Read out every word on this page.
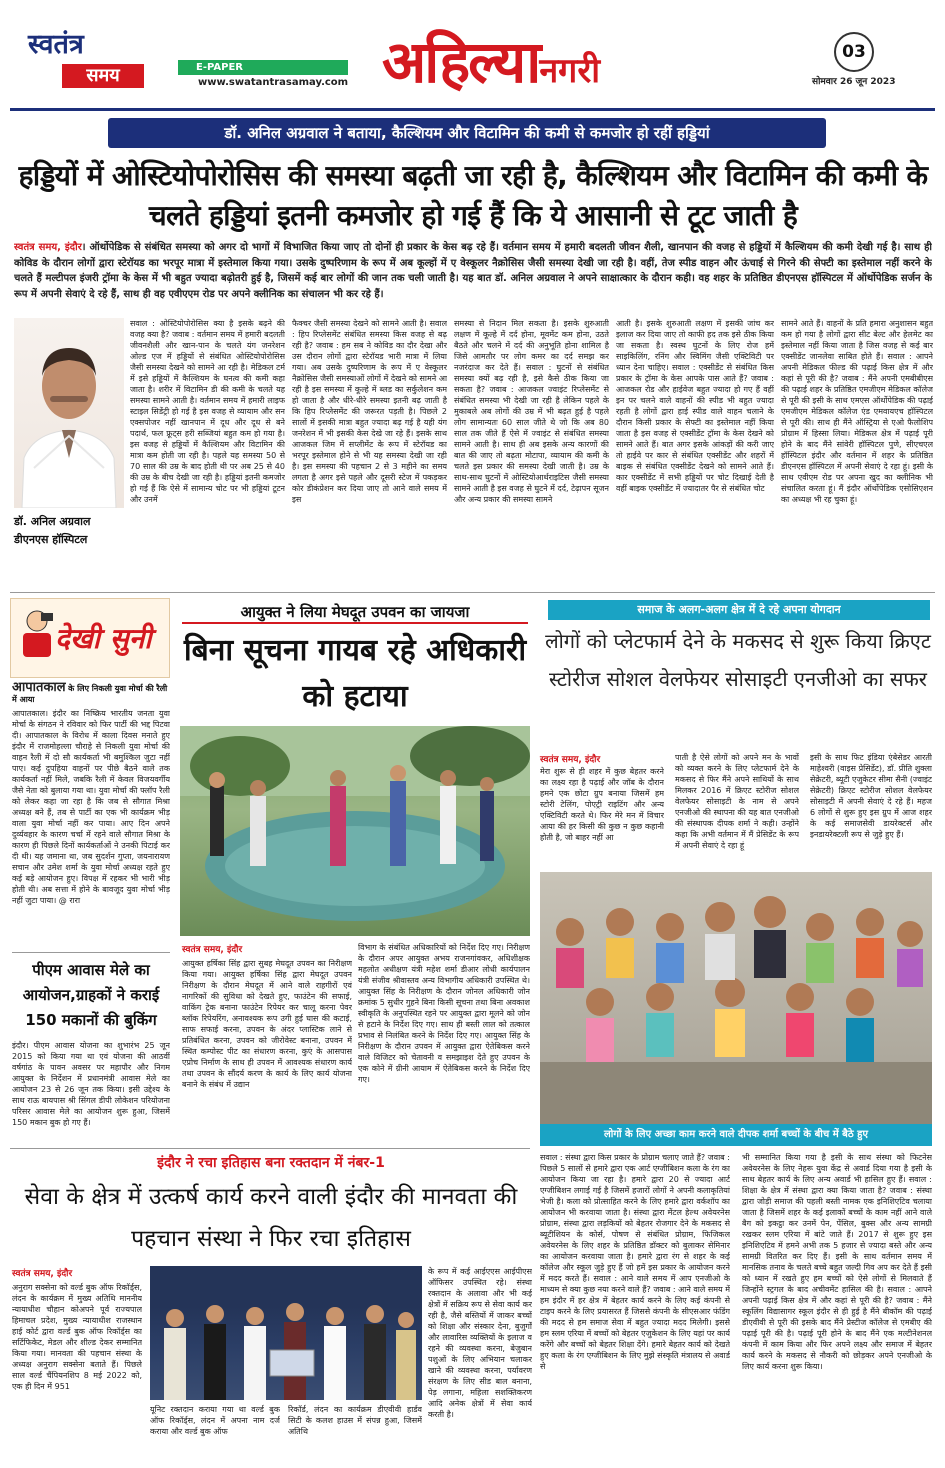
स्वतंत्र
समय	E-PAPER
www.swatantrasamay.com अहिल्यानगरी	03
सोमवार 26 जून 2023
डॉ. अनिल अग्रवाल ने बताया, कैल्शियम और विटामिन की कमी से कमजोर हो रहीं हड्डियां
हड्डियों में ओस्टियोपोरोसिस की समस्या बढ़ती जा रही है, कैल्शियम और विटामिन की कमी के चलते हड्डियां इतनी कमजोर हो गई हैं कि ये आसानी से टूट जाती है
स्वतंत्र समय, इंदौर। ऑर्थोपेडिक से संबंधित समस्या को अगर दो भागों में विभाजित किया जाए तो दोनों ही प्रकार के केस बढ़ रहे हैं। वर्तमान समय में हमारी बदलती जीवन शैली, खानपान की वजह से हड्डियों में कैल्शियम की कमी देखी गई है। साथ ही कोविड के दौरान लोगों द्वारा स्टेरॉयड का भरपूर मात्रा में इस्तेमाल किया गया। उसके दुष्परिणाम के रूप में अब कूल्हों में ए वेस्कूलर नैक्रोसिस जैसी समस्या देखी जा रही है। वहीं, तेज स्पीड वाहन और ऊंचाई से गिरने की सेफ्टी का इस्तेमाल नहीं करने के चलते हैं मल्टीपल इंजरी ट्रॉमा के केस में भी बहुत ज्यादा बढ़ोतरी हुई है, जिसमें कई बार लोगों की जान तक चली जाती है। यह बात डॉ. अनिल अग्रवाल ने अपने साक्षात्कार के दौरान कही। वह शहर के प्रतिष्ठित डीएनएस हॉस्पिटल में ऑर्थोपेडिक सर्जन के रूप में अपनी सेवाएं दे रहे हैं, साथ ही वह एवीएएम रोड पर अपने क्लीनिक का संचालन भी कर रहे हैं।
डॉ. अनिल अग्रवाल
डीएनएस हॉस्पिटल
सवाल : ओस्टियोपोरोसिस क्या है इसके बढ़ने की वजह क्या है? जवाब : वर्तमान समय में हमारी बदलती जीवनशैली और खान-पान के चलते यंग जनरेशन ओल्ड एज में हड्डियों से संबंधित ओस्टियोपोरोसिस जैसी समस्या देखने को सामने आ रही है। मेडिकल टर्म में इसे हड्डियों में कैल्शियम के घनत्व की कमी कहा जाता है। शरीर में विटामिन डी की कमी के चलते यह समस्या सामने आती है। वर्तमान समय में हमारी लाइफ स्टाइल सिडेंट्री हो गई है इस वजह से व्यायाम और सन एक्सपोजर नहीं खानपान में दूध और दूध से बने पदार्थ, फल फ्रूट्स हरी सब्जियां बहुत कम हो गया है। इस वजह से हड्डियों में कैल्शियम और विटामिन की मात्रा कम होती जा रही है। पहले यह समस्या 50 से 70 साल की उम्र के बाद होती थी पर अब 25 से 40 की उम्र के बीच देखी जा रही है। हड्डियां इतनी कमजोर हो गई हैं कि ऐसे में सामान्य चोट पर भी हड्डियां टूटन और उनमें
फैक्चर जैसी समस्या देखने को सामने आती है। सवाल : हिप रिप्लेसमेंट संबंधित समस्या किस वजह से बढ़ रही है? जवाब : हम सब ने कोविड का दौर देखा और उस दौरान लोगों द्वारा स्टेरॉयड भारी मात्रा में लिया गया। अब उसके दुष्परिणाम के रूप में ए वेस्कूलर नैक्रोसिस जैसी समस्याओं लोगों में देखने को सामने आ रही है इस समस्या में कूल्हे में ब्लड का सर्कुलेशन कम हो जाता है और धीरे-धीरे समस्या इतनी बढ़ जाती है कि हिप रिप्लेसमेंट की जरूरत पड़ती है। पिछले 2 सालों में इसकी मात्रा बहुत ज्यादा बढ़ गई है यही यंग जनरेशन में भी इसकी केस देखे जा रहे हैं। इसके साथ आजकल जिम में सप्लीमेंट के रूप में स्टेरॉयड का भरपूर इस्तेमाल होने से भी यह समस्या देखी जा रही है। इस समस्या की पहचान 2 से 3 महीने का समय लगता है अगर इसे पहले और दूसरी स्टेज में पकड़कर कोर डीकंप्रेशन कर दिया जाए तो आने वाले समय में इस
समस्या से निदान मिल सकता है। इसके शुरुआती लक्षण में कूल्हे में दर्द होना, मूवमेंट कम होना, उठते बैठते और चलने में दर्द की अनुभूति होना शामिल है जिसे आमतौर पर लोग कमर का दर्द समझ कर नजरंदाज कर देते हैं। सवाल : घुटनों से संबंधित समस्या क्यों बढ़ रही है, इसे कैसे ठीक किया जा सकता है? जवाब : आजकल ज्वाइंट रिप्लेसमेंट से संबंधित समस्या भी देखी जा रही है लेकिन पहले के मुकाबले अब लोगों की उम्र में भी बढ़त हुई है पहले लोग सामान्यतः 60 साल जीते थे जो कि अब 80 साल तक जीते हैं ऐसे में ज्वाइंट से संबंधित समस्या सामने आती है। साथ ही अब इसके अन्य कारणों की बात की जाए तो बढ़ता मोटापा, व्यायाम की कमी के चलते इस प्रकार की समस्या देखी जाती है। उम्र के साथ-साथ घुटनों में ओस्टियोआर्थराइटिस जैसी समस्या सामने आती है इस वजह से घुटने में दर्द, टेढ़ापन सूजन और अन्य प्रकार की समस्या सामने
आती है। इसके शुरुआती लक्षण में इसकी जांच कर इलाज कर दिया जाए तो काफी हद तक इसे ठीक किया जा सकता है। स्वस्थ घुटनों के लिए रोज हमें साइकिलिंग, रनिंग और स्विमिंग जैसी एक्टिविटी पर ध्यान देना चाहिए। सवाल : एक्सीडेंट से संबंधित किस प्रकार के ट्रॉमा के केस आपके पास आते हैं? जवाब : आजकल रोड और हाईवेज बहुत ज्यादा हो गए हैं वहीं इन पर चलने वाले वाहनों की स्पीड भी बहुत ज्यादा रहती है लोगों द्वारा हाई स्पीड वाले वाहन चलाने के दौरान किसी प्रकार के सेफ्टी का इस्तेमाल नहीं किया जाता है इस वजह से एक्सीडेंट ट्रॉमा के केस देखने को सामने आते हैं। बात अगर इसके आंकड़ों की करी जाए तो हाईवे पर कार से संबंधित एक्सीडेंट और शहरों में बाइक से संबंधित एक्सीडेंट देखने को सामने आते हैं। कार एक्सीडेंट में सभी हड्डियों पर चोट दिखाई देती है वहीं बाइक एक्सीडेंट में ज्यादातर पैर से संबंधित चोट
सामने आते हैं। वाहनों के प्रति हमारा अनुशासन बहुत कम हो गया है लोगों द्वारा सीट बेल्ट और हेलमेट का इस्तेमाल नहीं किया जाता है जिस वजह से कई बार एक्सीडेंट जानलेवा साबित होते हैं। सवाल : आपने अपनी मेडिकल फील्ड की पढ़ाई किस क्षेत्र में और कहां से पूरी की है? जवाब : मैंने अपनी एमबीबीएस की पढ़ाई शहर के प्रतिष्ठित एमजीएम मेडिकल कॉलेज से पूरी की इसी के साथ एमएस ऑर्थोपेडिक की पढ़ाई एमजीएम मेडिकल कॉलेज एंड एमवायएच हॉस्पिटल से पूरी की। साथ ही मैंने ऑस्ट्रिया से एओ फैलोशिप प्रोग्राम में हिस्सा लिया। मेडिकल क्षेत्र में पढ़ाई पूरी होने के बाद मैंने सांवेरी हॉस्पिटल पुणे, सीएचएल हॉस्पिटल इंदौर और वर्तमान में शहर के प्रतिष्ठित डीएनएस हॉस्पिटल में अपनी सेवाएं दे रहा हूं। इसी के साथ एवीएम रोड पर अपना खुद का क्लीनिक भी संचालित करता हूं। मैं इंदौर ऑर्थोपेडिक एसोसिएशन का अध्यक्ष भी रह चुका हूं।
देखी सुनी
आपातकाल के लिए निकली युवा मोर्चा की रैली में आया
आपातकाल। इंदौर का निष्क्रिय भारतीय जनता युवा मोर्चा के संगठन ने रविवार को फिर पार्टी की भद्द पिटवा दी। आपातकाल के विरोध में काला दिवस मनाते हुए इंदौर में राजमोहल्ला चौराहे से निकली युवा मोर्चा की वाहन रैली में दो सौ कार्यकर्ता भी बमुश्किल जुटा नहीं पाए। कई दुपहिया वाहनों पर पीछे बैठने वाले तक कार्यकर्ता नहीं मिले, जबकि रैली में केवल विजयवर्गीय जैसे नेता को बुलाया गया था। युवा मोर्चा की फ्लॉप रैली को लेकर कहा जा रहा है कि जब से सौगात मिश्रा अध्यक्ष बने हैं, तब से पार्टी का एक भी कार्यक्रम भीड़ वाला युवा मोर्चा नहीं कर पाया। आए दिन अपने दुर्व्यवहार के कारण चर्चा में रहने वाले सौगात मिश्रा के कारण ही पिछले दिनों कार्यकर्ताओं ने उनकी पिटाई कर दी थी। यह जमाना था, जब सुदर्शन गुप्ता, जयनारायण सचान और उमेश शर्मा के युवा मोर्चा अध्यक्ष रहते हुए कई बड़े आयोजन हुए। विपक्ष में रहकर भी भारी भीड़ होती थी। अब सत्ता में होने के बावजूद युवा मोर्चा भीड़ नहीं जुटा पाया। @ रारा
पीएम आवास मेले का आयोजन,ग्राहकों ने कराई 150 मकानों की बुकिंग
इंदौर। पीएम आवास योजना का शुभारंभ 25 जून 2015 को किया गया था एवं योजना की आठवीं वर्षगांठ के पावन अवसर पर महापौर और निगम आयुक्त के निर्देशन में प्रधानमंत्री आवास मेले का आयोजन 23 से 26 जून तक किया। इसी उद्देश्य के साथ राऊ बायपास श्री सिंगल डीपी लोकेशन परियोजना परिसर आवास मेले का आयोजन शुरू हुआ, जिसमें 150 मकान बुक हो गए हैं।
आयुक्त ने लिया मेघदूत उपवन का जायजा
बिना सूचना गायब रहे अधिकारी को हटाया
स्वतंत्र समय, इंदौर
आयुक्त हर्षिका सिंह द्वारा सुबह मेघदूत उपवन का निरीक्षण किया गया। आयुक्त हर्षिका सिंह द्वारा मेघदूत उपवन निरीक्षण के दौरान मेघदूत में आने वाले राहगीरों एवं नागरिकों की सुविधा को देखते हुए, फाउंटेन की सफाई, वाकिंग ट्रेक बनाना फाउंटेन रिपेयर कर चालू करना पेवर ब्लॉक रिपेयरिंग, अनावश्यक रूप उगी हुई घास की कटाई, साफ सफाई करना, उपवन के अंदर प्लास्टिक लाने से प्रतिबंधित करना, उपवन को जीरोवेस्ट बनाना, उपवन में स्थित कम्पोस्ट पीट का संधारण करना, कुएं के आसपास एप्रोच निर्माण के साथ ही उपवन में आवश्यक संधारण कार्य तथा उपवन के सौंदर्य करण के कार्य के लिए कार्य योजना बनाने के संबंध में उद्यान
विभाग के संबंधित अधिकारियों को निर्देश दिए गए। निरीक्षण के दौरान अपर आयुक्त अभय राजनगांवकर, अधिशीक्षक महलोत अधीक्षण यंत्री महेश शर्मा डीआर लोधी कार्यपालन यंत्री संजीव श्रीवास्तव अन्य विभागीय अधिकारी उपस्थित थे। आयुक्त सिंह के निरीक्षण के दौरान जोनल अधिकारी जोन क्रमांक 5 सुधीर गुहने बिना किसी सूचना तथा बिना अवकाश स्वीकृति के अनुपस्थित रहने पर आयुक्त द्वारा मूलने को जोन से हटाने के निर्देश दिए गए। साथ ही बस्ती लाल को तत्काल प्रभाव से निलंबित करने के निर्देश दिए गए। आयुक्त सिंह के निरीक्षण के दौरान उपवन में आयुक्त द्वारा ऐतेबिकस करने वाले विजिटर को चेतावनी व समझाइश देते हुए उपवन के एक कोने में ग्रीनी आयाम में ऐतेबिकस करने के निर्देश दिए गए।
समाज के अलग-अलग क्षेत्र में दे रहे अपना योगदान
लोगों को प्लेटफार्म देने के मकसद से शुरू किया क्रिएट स्टोरीज सोशल वेलफेयर सोसाइटी एनजीओ का सफर
स्वतंत्र समय, इंदौर
मेरा शुरू से ही शहर में कुछ बेहतर करने का लक्ष्य रहा है पढ़ाई और जॉब के दौरान हमने एक छोटा ग्रुप बनाया जिसमें हम स्टोरी टेलिंग, पोएट्री राइटिंग और अन्य एक्टिविटी करते थे। फिर मेरे मन में विचार आया की हर किसी की कुछ न कुछ कहानी होती है, जो बाहर नहीं आ
पाती है ऐसे लोगों को अपने मन के भावों को व्यक्त करने के लिए प्लेटफार्म देने के मकसद से फिर मैंने अपने साथियों के साथ मिलकर 2016 में क्रिएट स्टोरीज सोशल वेलफेयर सोसाइटी के नाम से अपने एनजीओ की स्थापना की यह बात एनजीओ की संस्थापक दीपक शर्मा ने कही। उन्होंने कहा कि अभी वर्तमान में मैं प्रेसिडेंट के रूप में अपनी सेवाएं दे रहा हूं
इसी के साथ फिट इंडिया एंबेसेडर आरती माहेश्वरी (वाइस प्रेसिडेंट), डॉ. प्रीति शुक्ला सेक्रेटरी, ब्यूटी एजुकेटर सीमा सैनी (ज्वाइंट सेक्रेटरी) क्रिएट स्टोरीज सोशल वेलफेयर सोसाइटी में अपनी सेवाएं दे रहे हैं। महज 6 लोगों से शुरू हुए इस ग्रुप में आज शहर के कई समाजसेवी डायरेक्टर्स और इनडायरेक्टली रूप से जुड़े हुए हैं।
लोगों के लिए अच्छा काम करने वाले दीपक शर्मा बच्चों के बीच में बैठे हुए
सवाल : संस्था द्वारा किस प्रकार के प्रोग्राम चलाए जाते हैं? जवाब : पिछले 5 सालों से हमारे द्वारा एक आर्ट एग्जीबिशन कला के रंग का आयोजन किया जा रहा है। हमारे द्वारा 20 से ज्यादा आर्ट एग्जीबिशन लगाई गई है जिसमें हजारों लोगों ने अपनी कलाकृतियां भेजी है। कला को प्रोत्साहित करने के लिए हमारे द्वारा वर्कशॉप का आयोजन भी करवाया जाता है। संस्था द्वारा मेंटल हेल्थ अवेयरनेस प्रोग्राम, संस्था द्वारा लड़कियों को बेहतर रोजगार देने के मकसद से ब्यूटीशियन के कोर्स, पोषण से संबंधित प्रोग्राम, फिजिकल अवेयरनेस के लिए शहर के प्रतिष्ठित डॉक्टर को बुलाकर सेमिनार का आयोजन करवाया जाता है। हमारे द्वारा रंग से शहर के कई कॉलेज और स्कूल जुड़े हुए हैं जो हमें इस प्रकार के आयोजन करने में मदद करते हैं। सवाल : आने वाले समय में आप एनजीओ के माध्यम से क्या कुछ नया करने वाले हैं? जवाब : आने वाले समय में हम इंदौर में हर क्षेत्र में बेहतर कार्य करने के लिए कई कंपनी से टाइप करने के लिए प्रयासरत हैं जिससे कंपनी के सीएसआर फंडिंग की मदद से हम समाज सेवा में बहुत ज्यादा मदद मिलेगी। इससे हम स्लम एरिया में बच्चों को बेहतर एजुकेशन के लिए यहां पर कार्य करेंगे और बच्चों को बेहतर शिक्षा देंगे। हमारे बेहतर कार्य को देखते हुए कला के रंग एग्जीबिशन के लिए मुझे संस्कृति मंत्रालय से अवार्ड से
भी सम्मानित किया गया है इसी के साथ संस्था को फिटनेस अवेयरनेस के लिए नेहरू युवा केंद्र से अवार्ड दिया गया है इसी के साथ बेहतर कार्य के लिए अन्य अवार्ड भी हासिल हुए हैं। सवाल : शिक्षा के क्षेत्र में संस्था द्वारा क्या किया जाता है? जवाब : संस्था द्वारा जोड़ी समाज की पहली बस्ती नामक एक इनिशिएटिव चलाया जाता है जिसमें शहर के कई इलाकों बच्चों के काम नहीं आने वाले बैग को इकट्ठा कर उनमें पेन, पेंसिल, बुक्स और अन्य सामग्री रखकर स्लम एरिया में बांटे जाते हैं। 2017 से शुरू हुए इस इनिशिएटिव में हमने अभी तक 5 हजार से ज्यादा बस्ते और अन्य सामग्री वितरित कर दिए हैं। इसी के साथ वर्तमान समय में मानसिक तनाव के चलते बच्चे बहुत जल्दी गिव अप कर देते हैं इसी को ध्यान में रखते हुए हम बच्चों को ऐसे लोगों से मिलवाते हैं जिन्होंने स्ट्रगल के बाद अचीवमेंट हासिल की है। सवाल : आपने अपनी पढ़ाई किस क्षेत्र में और कहां से पूरी की है? जवाब : मैंने स्कूलिंग विद्यासागर स्कूल इंदौर से ही हुई है मैंने बीकॉम की पढ़ाई डीएवीवी से पूरी की इसके बाद मैंने प्रेस्टीज कॉलेज से एमबीए की पढ़ाई पूरी की है। पढ़ाई पूरी होने के बाद मैंने एक मल्टीनेशनल कंपनी में काम किया और फिर अपने लक्ष्य और समाज में बेहतर कार्य करने के मकसद से नौकरी को छोड़कर अपने एनजीओ के लिए कार्य करना शुरू किया।
इंदौर ने रचा इतिहास बना रक्तदान में नंबर-1
सेवा के क्षेत्र में उत्कर्ष कार्य करने वाली इंदौर की मानवता की पहचान संस्था ने फिर रचा इतिहास
स्वतंत्र समय, इंदौर
अनुराग सक्सेना को वर्ल्ड बुक ऑफ रिकॉर्ड्स, लंदन के कार्यक्रम में मुख्य अतिथि माननीय न्यायाधीश चौहान कोअपने पूर्व राज्यपाल हिमाचल प्रदेश, मुख्य न्यायाधीश राजस्थान हाई कोर्ट द्वारा वर्ल्ड बुक ऑफ रिकॉर्ड्स का सर्टिफिकेट, मेडल और शील्ड देकर सम्मानित किया गया। मानवता की पहचान संस्था के अध्यक्ष अनुराग सक्सेना बताते हैं। पिछले साल वर्ल्ड चैंपियनशिप 8 मई 2022 को, एक ही दिन में 951
यूनिट रक्तदान कराया गया था वर्ल्ड बुक ऑफ रिकॉर्ड्स, लंदन में अपना नाम दर्ज कराया और वर्ल्ड बुक ऑफ
रिकॉर्ड, लंदन का कार्यक्रम डीएवीवी हार्डव सिटी के कलश हाउस में संपन्न हुआ, जिसमें अतिथि
के रूप में कई आईएएस आईपीएस ऑफिसर उपस्थित रहे। संस्था रक्तदान के अलावा और भी कई क्षेत्रों में सक्रिय रूप से सेवा कार्य कर रही है, जैसे बस्तियों में जाकर बच्चों को शिक्षा और संस्कार देना, बुजुर्गों और लावारिस व्यक्तियों के इलाज व रहने की व्यवस्था करना, बेजुबान पशुओं के लिए अभियान चलाकर खाने की व्यवस्था करना, पर्यावरण संरक्षण के लिए सीड बाल बनाना, पेड़ लगाना, महिला सशक्तिकरण आदि अनेक क्षेत्रों में सेवा कार्य करती है।
